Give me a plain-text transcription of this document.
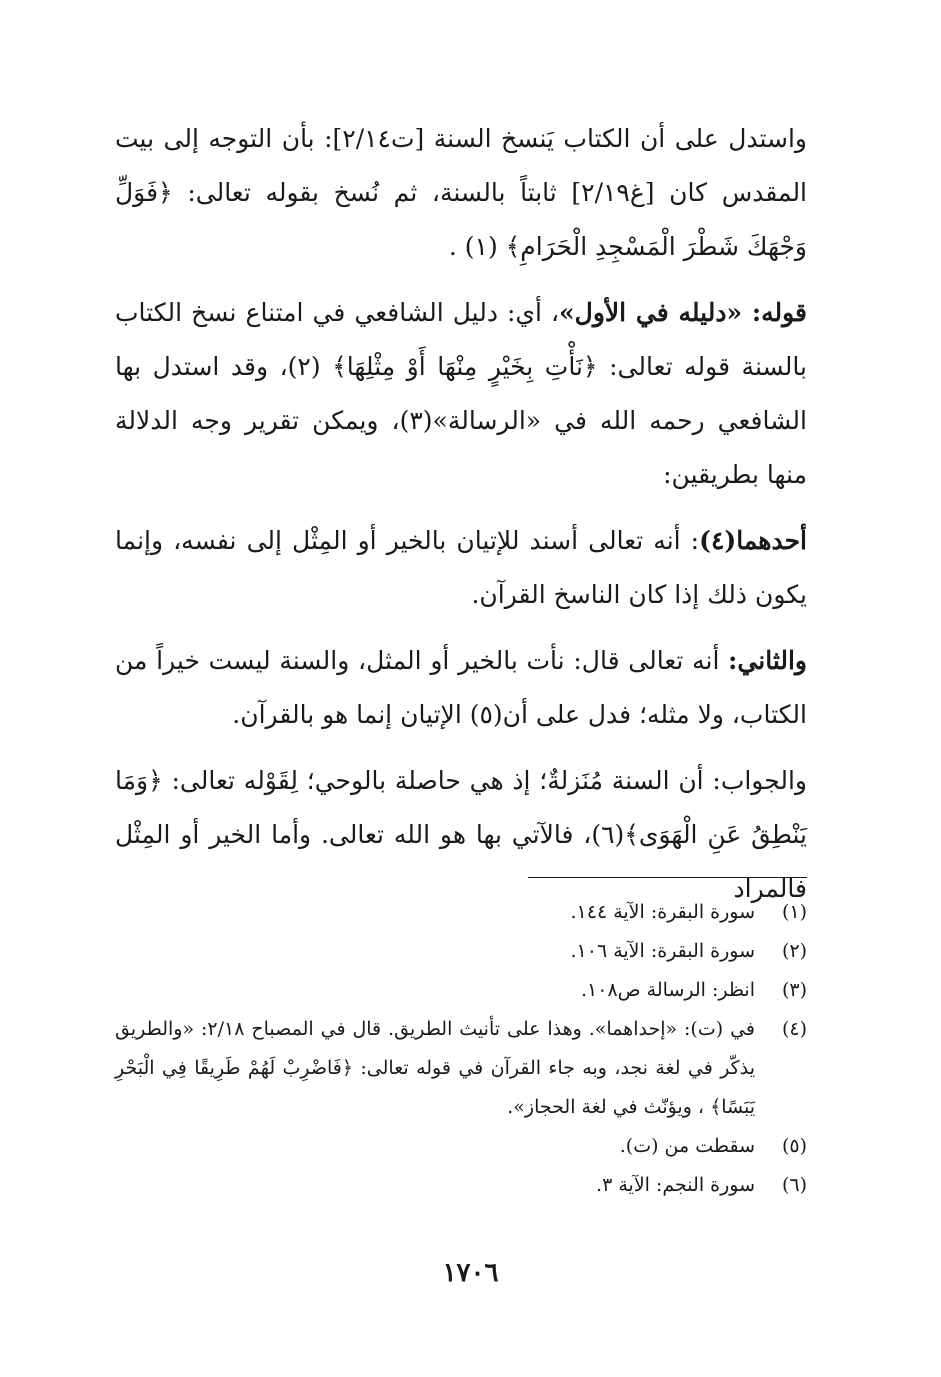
واستدل على أن الكتاب يَنسخ السنة [ت٢/١٤]: بأن التوجه إلى بيت المقدس كان [غ٢/١٩] ثابتاً بالسنة، ثم نُسخ بقوله تعالى: ﴿فَوَلِّ وَجْهَكَ شَطْرَ الْمَسْجِدِ الْحَرَامِ﴾ (١) .

قوله: «دليله في الأول»، أي: دليل الشافعي في امتناع نسخ الكتاب بالسنة قوله تعالى: ﴿نَأْتِ بِخَيْرٍ مِنْهَا أَوْ مِثْلِهَا﴾ (٢)، وقد استدل بها الشافعي رحمه الله في «الرسالة»(٣)، ويمكن تقرير وجه الدلالة منها بطريقين:

أحدهما(٤): أنه تعالى أسند للإتيان بالخير أو المِثْل إلى نفسه، وإنما يكون ذلك إذا كان الناسخ القرآن.

والثاني: أنه تعالى قال: نأت بالخير أو المثل، والسنة ليست خيراً من الكتاب، ولا مثله؛ فدل على أن(٥) الإتيان إنما هو بالقرآن.

والجواب: أن السنة مُنَزلةٌ؛ إذ هي حاصلة بالوحي؛ لِقَوْله تعالى: ﴿وَمَا يَنْطِقُ عَنِ الْهَوَى﴾(٦)، فالآتي بها هو الله تعالى. وأما الخير أو المِثْل فالمراد

(١)
سورة البقرة: الآية ١٤٤.
(٢)
سورة البقرة: الآية ١٠٦.
(٣)
انظر: الرسالة ص١٠٨.
(٤)
في (ت): «إحداهما». وهذا على تأنيث الطريق. قال في المصباح ٢/١٨: «والطريق يذكّر في لغة نجد، وبه جاء القرآن في قوله تعالى: ﴿فَاضْرِبْ لَهُمْ طَرِيقًا فِي الْبَحْرِ يَبَسًا﴾ ، ويؤنّث في لغة الحجاز».
(٥)
سقطت من (ت).
(٦)
سورة النجم: الآية ٣.
١٧٠٦
